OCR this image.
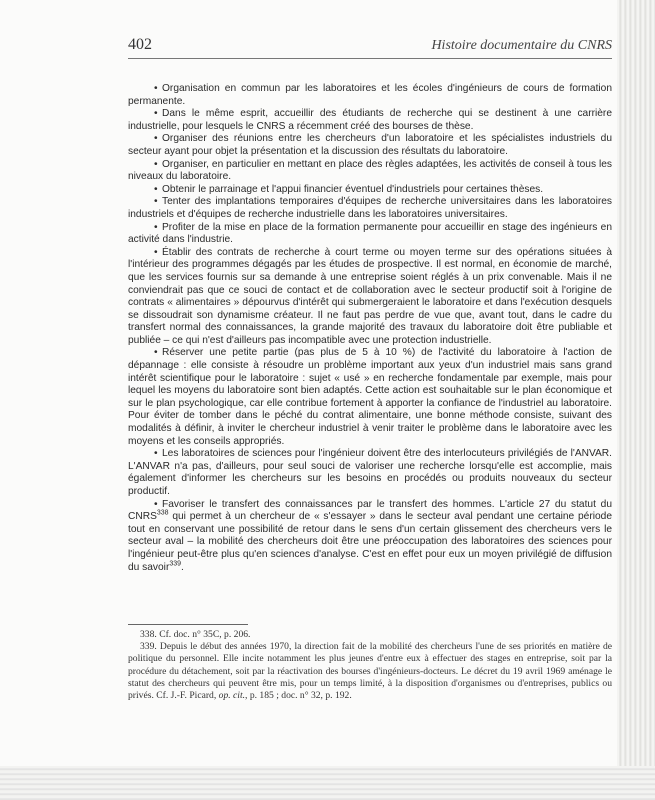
402	Histoire documentaire du CNRS

• Organisation en commun par les laboratoires et les écoles d'ingénieurs de cours de formation permanente.

• Dans le même esprit, accueillir des étudiants de recherche qui se destinent à une carrière industrielle, pour lesquels le CNRS a récemment créé des bourses de thèse.

• Organiser des réunions entre les chercheurs d'un laboratoire et les spécialistes industriels du secteur ayant pour objet la présentation et la discussion des résultats du laboratoire.

• Organiser, en particulier en mettant en place des règles adaptées, les activités de conseil à tous les niveaux du laboratoire.

• Obtenir le parrainage et l'appui financier éventuel d'industriels pour certaines thèses.

• Tenter des implantations temporaires d'équipes de recherche universitaires dans les laboratoires industriels et d'équipes de recherche industrielle dans les laboratoires universitaires.

• Profiter de la mise en place de la formation permanente pour accueillir en stage des ingénieurs en activité dans l'industrie.

• Établir des contrats de recherche à court terme ou moyen terme sur des opérations situées à l'intérieur des programmes dégagés par les études de prospective. Il est normal, en économie de marché, que les services fournis sur sa demande à une entreprise soient réglés à un prix convenable. Mais il ne conviendrait pas que ce souci de contact et de collaboration avec le secteur productif soit à l'origine de contrats « alimentaires » dépourvus d'intérêt qui submergeraient le laboratoire et dans l'exécution desquels se dissoudrait son dynamisme créateur. Il ne faut pas perdre de vue que, avant tout, dans le cadre du transfert normal des connaissances, la grande majorité des travaux du laboratoire doit être publiable et publiée – ce qui n'est d'ailleurs pas incompatible avec une protection industrielle.

• Réserver une petite partie (pas plus de 5 à 10 %) de l'activité du laboratoire à l'action de dépannage : elle consiste à résoudre un problème important aux yeux d'un industriel mais sans grand intérêt scientifique pour le laboratoire : sujet « usé » en recherche fondamentale par exemple, mais pour lequel les moyens du laboratoire sont bien adaptés. Cette action est souhaitable sur le plan économique et sur le plan psychologique, car elle contribue fortement à apporter la confiance de l'industriel au laboratoire. Pour éviter de tomber dans le péché du contrat alimentaire, une bonne méthode consiste, suivant des modalités à définir, à inviter le chercheur industriel à venir traiter le problème dans le laboratoire avec les moyens et les conseils appropriés.

• Les laboratoires de sciences pour l'ingénieur doivent être des interlocuteurs privilégiés de l'ANVAR. L'ANVAR n'a pas, d'ailleurs, pour seul souci de valoriser une recherche lorsqu'elle est accomplie, mais également d'informer les chercheurs sur les besoins en procédés ou produits nouveaux du secteur productif.

• Favoriser le transfert des connaissances par le transfert des hommes. L'article 27 du statut du CNRS$^{338}$ qui permet à un chercheur de « s'essayer » dans le secteur aval pendant une certaine période tout en conservant une possibilité de retour dans le sens d'un certain glissement des chercheurs vers le secteur aval – la mobilité des chercheurs doit être une préoccupation des laboratoires des sciences pour l'ingénieur peut-être plus qu'en sciences d'analyse. C'est en effet pour eux un moyen privilégié de diffusion du savoir$^{339}$.

338. Cf. doc. n° 35C, p. 206.

339. Depuis le début des années 1970, la direction fait de la mobilité des chercheurs l'une de ses priorités en matière de politique du personnel. Elle incite notamment les plus jeunes d'entre eux à effectuer des stages en entreprise, soit par la procédure du détachement, soit par la réactivation des bourses d'ingénieurs-docteurs. Le décret du 19 avril 1969 aménage le statut des chercheurs qui peuvent être mis, pour un temps limité, à la disposition d'organismes ou d'entreprises, publics ou privés. Cf. J.-F. Picard, op. cit., p. 185 ; doc. n° 32, p. 192.
